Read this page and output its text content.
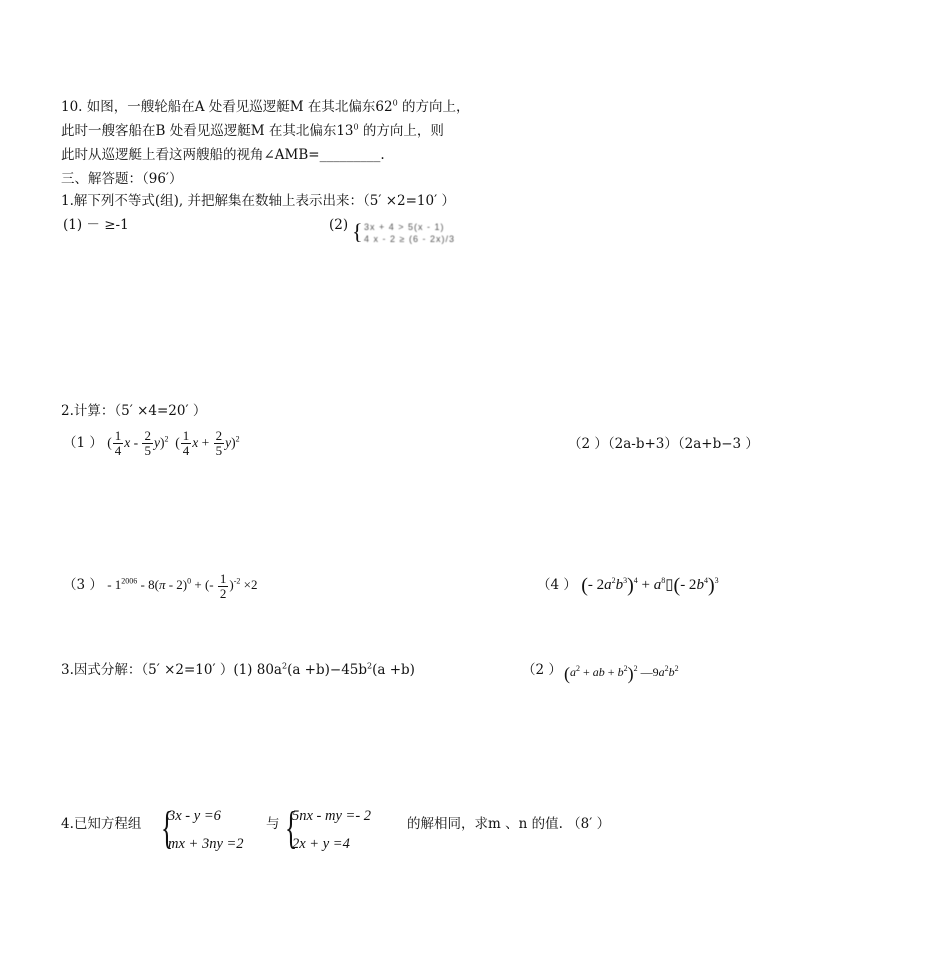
10. 如图，一艘轮船在A 处看见巡逻艇M 在其北偏东$62^0$ 的方向上，
此时一艘客船在B 处看见巡逻艇M 在其北偏东$13^0$ 的方向上，则
此时从巡逻艇上看这两艘船的视角∠AMB=_________.
三、解答题：（96′）
1.解下列不等式(组), 并把解集在数轴上表示出来：（5′ ×2=10′ ）
(1) － ≥-1	(2) { 3x + 4 > 5(x - 1)
4 x - 2 ≥ (6 - 2x)/3
2.计算：（5′ ×4=20′ ）
（1 ） ( $\frac{1}{4}$ x - $\frac{2}{5} y)^2$  ( $\frac{1}{4}$ $x + \frac{2}{5} y)^2$	（2 ）（2a-b+3）（2a+b−3 ）
（3 ） - $1^{2006} - 8(\pi - 2)^0$ + (- $\frac{1}{2} )^{-2} \times 2$	（4 ） (- $2a^2b^3)^4$ + $a^8▯(-$ $2b^4)^3$
3.因式分解：（5′ ×2=10′ ）(1) $80a^2(a +b)-45b^2(a +b)$	（2 ） ($a^2$ + ab + $b^2)^2$ $—9a^2b^2$
4.已知方程组 {
3x - y =6
mx + 3ny =2
与 {
5nx - my =- 2
2x + y =4
的解相同，求m 、n 的值. （8′ ）
